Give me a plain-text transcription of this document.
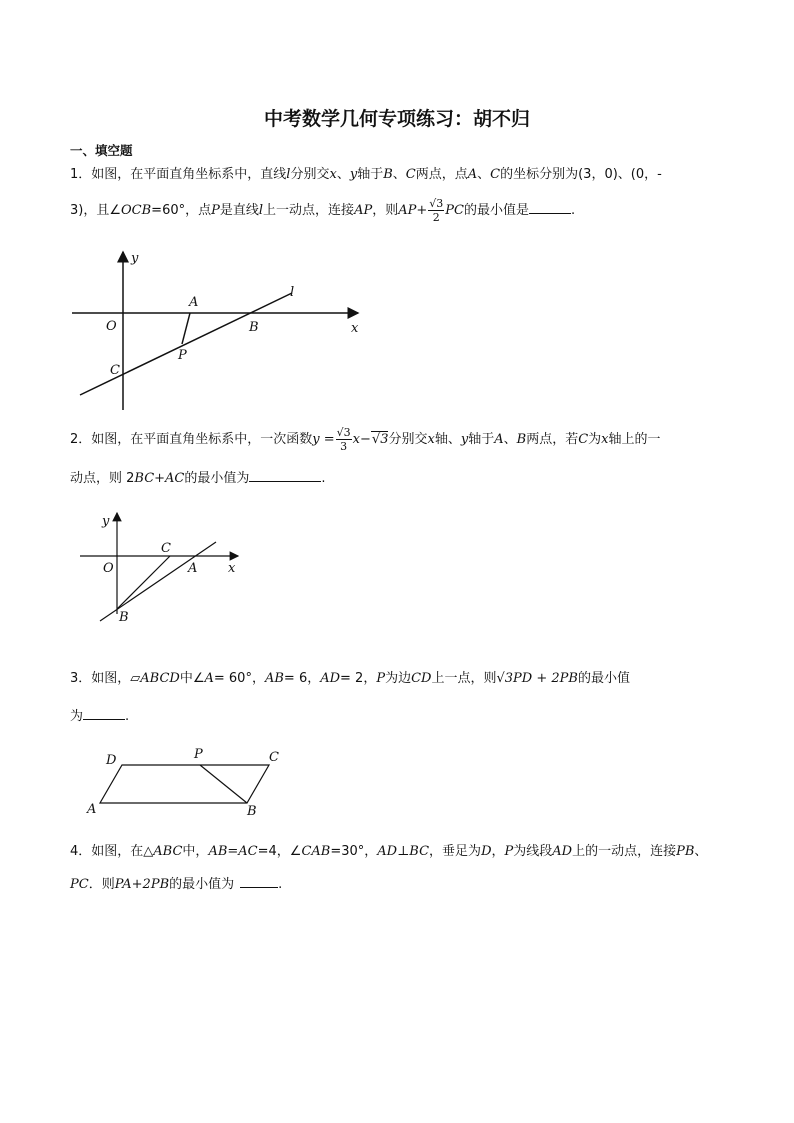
中考数学几何专项练习：胡不归
一、填空题
1．如图，在平面直角坐标系中，直线l分别交x、y轴于B、C两点，点A、C的坐标分别为(3，0)、(0，-
3)，且∠OCB=60°，点P是直线l上一动点，连接AP，则$AP+ \frac{√3}{2}$ PC的最小值是	.
y
A
l
O	B	x
P
C
2．如图，在平面直角坐标系中，一次函数$y = \frac{√3}{3} x-√3$分别交x轴、y轴于A、B两点，若C为x轴上的一
动点，则 2BC+AC的最小值为	.
y
C
O	A x
B
3．如图，▱ABCD中∠A= 60°，AB= 6，AD= 2，P为边CD上一点，则√3PD + 2PB的最小值
为	.
D	P	C
A	B
4．如图，在△ABC中，AB=AC=4，∠CAB=30°，AD⊥BC，垂足为D，P为线段AD上的一动点，连接PB、
PC．则PA+2PB的最小值为	.
